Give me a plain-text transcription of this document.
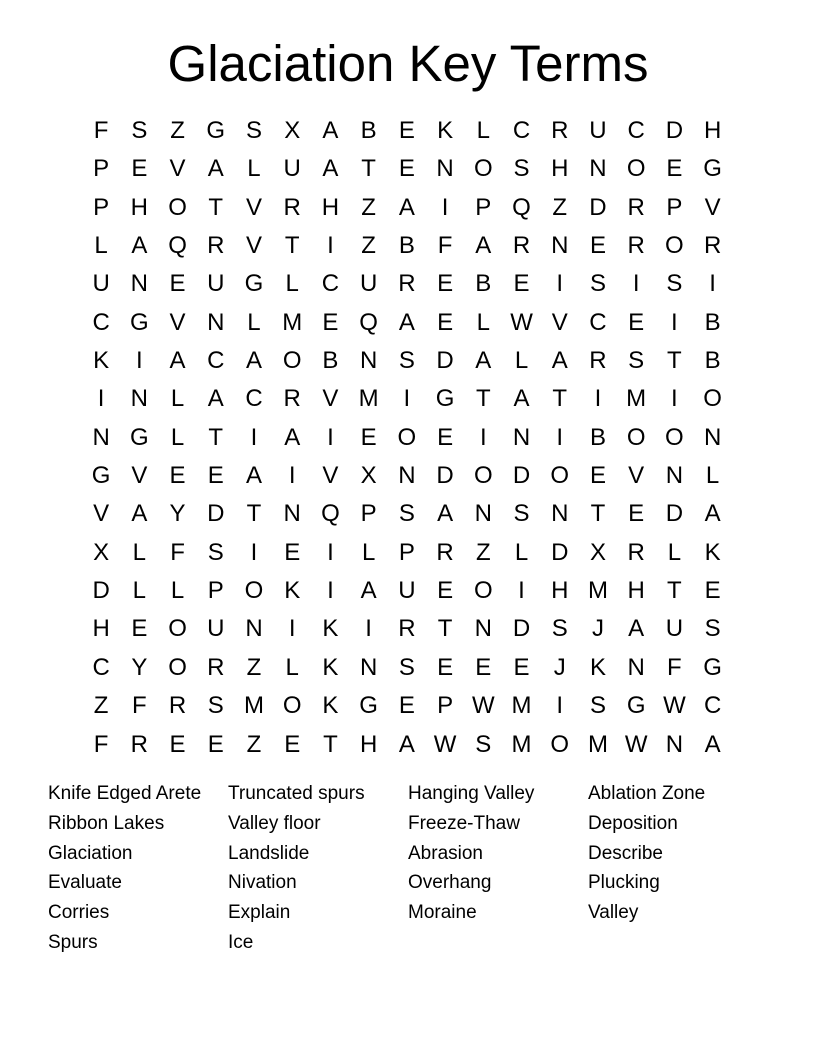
Glaciation Key Terms
F S Z G S X A B E K L C R U C D H
P E V A L U A T E N O S H N O E G
P H O T V R H Z A	I	P Q Z D R P V
L A Q R V T	I	Z B F A R N E R O R
U N E U G L C U R E B E	I	S	I	S	I
C G V N L M E Q A E L W V C E	I	B
K	I	A C A O B N S D A L A R S T B
I	N L A C R V M	I	G T A T	I	M	I	O
N G L	T	I	A	I	E O E	I	N	I	B O O N
G V E E A	I	V X N D O D O E V N L
V A Y D T N Q P S A N S N T E D A
X L	F S	I	E	I	L P R Z	L D X R L K
D L	L P O K	I	A U E O	I	H M H T E
H E O U N	I	K	I	R T N D S	J	A U S
C Y O R Z	L K N S E E E	J	K N F G
Z F R S M O K G E P W M	I	S G W C
F R E E Z E T H A W S M O M W N A
Knife Edged Arete
Ribbon Lakes
Glaciation
Evaluate
Corries
Spurs
Truncated spurs
Valley floor
Landslide
Nivation
Explain
Ice
Hanging Valley
Freeze-Thaw
Abrasion
Overhang
Moraine
Ablation Zone
Deposition
Describe
Plucking
Valley
